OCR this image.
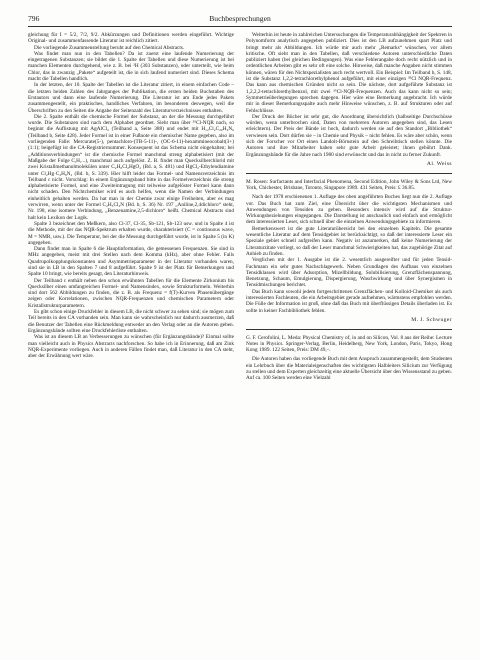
796	Buchbesprechungen

gleichung für I = 5/2, 7/2, 9/2. Abkürzungen und Definitionen werden eingeführt. Wichtige Original- und zusammenfassende Literatur ist reichlich zitiert.

Die vorliegende Zusammenstellung beruht auf den Chemical Abstracts.

Was findet man nun in den Tabellen? Da ist zuerst eine laufende Numerierung der eingetragenen Substanzen; sie bildet die 1. Spalte der Tabellen und diese Numerierung ist bei manchen Elementen durchgehend, wie z. B. bei ²H (303 Substanzen), oder unterteilt, wie beim Chlor, das in zwanzig „Pakete“ aufgeteilt ist, die in sich laufend numeriert sind. Dieses Schema macht die Tabellen handlich.

In der letzten, der 10. Spalte der Tabellen ist die Literatur zitiert, in einem einfachen Code – die letzten beiden Zahlen des Jahrganges der Publikation, die ersten beiden Buchstaben des Erstautors und dann eine laufende Numerierung. Die Literatur ist am Ende jedes Pakets zusammengestellt, ein praktisches, handliches Verfahren, im besonderen deswegen, weil die Überschriften zu den Seiten die Angabe der Seitenzahl des Literaturverzeichnisses enthalten.

Die 2. Spalte enthält die chemische Formel der Substanz, an der die Messung durchgeführt wurde. Die Substanzen sind nach dem Alphabet geordnet. Sieht man über ³⁵Cl-NQR nach, so beginnt die Auflistung mit AgAlCl₄ (Teilband a, Seite 388) und endet mit H₁₂Cl₂C₂₀H₄N₆ (Teilband b, Seite 428). Jeder Formel ist in einer Fußnote ein chemischer Name gegeben, also im vorliegenden Falle: Mercurate(5-), pentachloro-(TB-5-11)-, (OC-6-11)-hexammineocobalt(3+) (1:1); beigefügt ist die CA-Registriernummer. Konsequent ist das Schema nicht eingehalten; bei „Additionsverbindungen“ ist die chemische Formel manchmal streng alphabetisiert (mit der Maßgabe der Folge C,H,...), manchmal auch aufgelöst. Z. B. findet man Quecksilberchlorid mit zwei Kristallmethanolmolekülen unter C₂H₈Cl₂HgO₂ (Bd. a, S. 481) und HgCl₂-Ethylendiamine unter Cl₂Hg·C₂H₈N₂ (Bd. b, S. 339). Hier hilft leider das Formel- und Namensverzeichnis im Teilband c nicht. Vorschlag: In einem Ergänzungsband bitte in das Formelverzeichnis die streng alphabetisierte Formel, und eine Zweiteintragung mit teilweise aufgelöster Formel kann dann nicht schaden. Den Nichtchemiker wird es auch helfen, wenn die Namen der Verbindungen einheitlich gehalten werden. Da hat man in der Chemie zwar einige Freiheiten, aber es mag verwirren, wenn unter der Formel C₂H₃Cl₂N (Bd. b, S. 36) Nr. 197 „Aniline,2,4dichloro“ steht, Nr. 198, eine isomere Verbindung, „Benzenamine,2,5-dichloro“ heißt. Chemical Abstracts sind halt kein Lexikon der Logik.

Spalte 3 bezeichnet den Meßkern, also Cl-37, Cl-35, Sb-121, Sb-123 usw. und in Spalte 4 ist die Methode, mit der das NQR-Spektrum erhalten wurde, charakterisiert (C = continuous wave, M = NMR, usw.). Die Temperatur, bei der die Messung durchgeführt wurde, ist in Spalte 5 (in K) angegeben.

Dann findet man in Spalte 6 die Hauptinformation, die gemessenen Frequenzen. Sie sind in MHz angegeben, meist mit drei Stellen nach dem Komma (kHz), aber ohne Fehler. Falls Quadrupolkopplungskonstanten und Asymmetrieparameter in der Literatur vorhanden waren, sind sie in LB in den Spalten 7 und 8 aufgeführt. Spalte 9 ist der Platz für Bemerkungen und Spalte 10 bringt, wie bereits gesagt, den Literaturhinweis.

Der Teilband c enthält neben den schon erwähnten Tabellen für die Elemente Zirkonium bis Quecksilber einen umfangreichen Formel- und Namensindex, sowie Strukturformeln. Weiterhin sind dort 562 Abbildungen zu finden, die z. B. als Frequenz = f(T)-Kurven Phasenübergänge zeigen oder Korrelationen, zwischen NQR-Frequenzen und chemischen Parametern oder Kristallstrukturparametern.

Es gibt schon einige Druckfehler in diesem LB, die nicht schwer zu sehen sind; sie mögen zum Teil bereits in den CA vorhanden sein. Man kann sie wahrscheinlich nur dadurch ausmerzen, daß die Benutzer der Tabellen eine Rückmeldung entweder an den Verlag oder an die Autoren geben. Ergänzungsbände sollten eine Druckfehlerliste enthalten.

Was ist an diesem LB an Verbesserungen zu wünschen (für Ergänzungsbände)? Einmal sollte man vielleicht auch in Physics Abstracts nachforschen. So habe ich in Erinnerung, daß am Zink NQR-Experimente vorliegen. Auch in anderen Fällen findet man, daß Literatur in den CA steht, aber der Erwähnung wert wäre.

Weiterhin ist heute in zahlreichen Untersuchungen die Temperaturabhängigkeit der Spektren in Polynomform analytisch angegeben publiziert. Dies ist den LB aufzunehmen spart Platz und bringt mehr als Abbildungen. Ich würde mir auch mehr „Remarks“ wünschen, vor allem kritische. Oft sieht man in den Tabellen, daß verschiedene Autoren unterschiedliche Daten publiziert haben (bei gleichen Bedingungen). Was eine Fehlerangabe doch recht nützlich und in ordentlichen Arbeiten gibt es sehr oft eine solche. Hinweise, daß manche Angaben nicht stimmen können, wären für den Nichtspezialisten auch recht wertvoll. Ein Beispiel: Im Teilband b, S. 148, ist die Substanz 1,2,2-tetrachlorethylphenol aufgeführt, mit einer einzigen ³⁵Cl NQR-Frequenz. Das kann aus chemischen Gründen nicht so sein. Die nächste, dort aufgeführte Substanz ist 1,2,2,2-tetrachlorethylbenzol, mit zwei ³⁵Cl-NQR-Frequenzen. Auch das kann nicht so sein; Symmetrieüberlegungen sprechen dagegen. Hier wäre eine Bemerkung angebracht. Ich würde mir in dieser Bemerkungsspalte auch mehr Hinweise wünschen, z. B. auf Strukturen oder auf Fehlschlüsse.

Der Druck der Bücher ist sehr gut, die Anordnung übersichtlich (halbseitige Durchschüsse würden, wenn unterbrochen sind, Daten von mehreren Autoren angegeben sind, das Lesen erleichtern). Der Preis der Bände ist hoch, dadurch werden sie auf den Standort „Bibliothek“ verwiesen sein. Dort dürfen sie – in Chemie und Physik – nicht fehlen. Es wäre aber schön, wenn sich der Forscher vor Ort einen Landolt-Börnstein auf den Schreibtisch stellen könnte. Die Autoren und ihre Mitarbeiter haben sehr gute Arbeit geleistet; ihnen gebührt Dank. Ergänzungsbände für die Jahre nach 1980 sind erwünscht und das in nicht zu ferner Zukunft.

Al. Weiss

M. Rosen: Surfactants and Interfacial Phenomena, Second Edition, John Wiley & Sons Ltd, New York, Chichester, Brisbane, Toronto, Singapore 1989. 431 Seiten, Preis: £ 36.85.

Nach der 1978 erschienenen 1. Auflage des oben angeführten Buches liegt nun die 2. Auflage vor. Das Buch hat zum Ziel, eine Übersicht über die wichtigsten Mechanismen und Anwendungen von Tensiden zu geben. Besonders intensiv wird auf die Struktur-Wirkungsbeziehungen eingegangen. Die Darstellung ist anschaulich und einfach und ermöglicht dem interessierten Leser, sich schnell über die einzelnen Anwendungsgebiete zu informieren.

Bemerkenswert ist die gute Literaturübersicht bei den einzelnen Kapiteln. Die gesamte wesentliche Literatur auf dem Tensidgebiet ist berücksichtigt, so daß der interessierte Leser ein Speziale gebiet schnell aufgreifen kann. Negativ ist anzumerken, daß keine Numerierung der Literaturzitate vorliegt, so daß der Leser manchmal Schwierigkeiten hat, das zugehörige Zitat auf Anhieb zu finden.

Verglichen mit der 1. Ausgabe ist die 2. wesentlich ausgereifter und für jeden Tensid-Fachmann ein sehr gutes Nachschlagewerk. Neben Grundlagen des Aufbaus von einzelnen Tensidklassen wird über Adsorption, Mizellbildung, Solubilisierung, Grenzflächenspannung, Benetzung, Schaum, Emulgierung, Dispergierung, Waschwirkung und über Synergismen in Tensidmischungen berichtet.

Das Buch kann sowohl jedem fortgeschrittenen Grenzflächen- und Kolloid-Chemiker als auch interessierten Fachleuten, die ein Arbeitsgebiet gerade aufnehmen, wärmstens empfohlen werden. Die Fülle der Information ist groß, ohne daß das Buch mit überflüssigen Details überladen ist. Es sollte in keiner Fachbibliothek fehlen.

M. J. Schwuger

G. F. Cerofolini, L. Meda: Physical Chemistry of, in and on Silicon, Vol. 8 aus der Reihe: Lecture Notes in Physics. Springer-Verlag, Berlin, Heidelberg, New York, London, Paris, Tokyo, Hong Kong 1989. 122 Seiten, Preis: DM 49,–.

Die Autoren haben das vorliegende Buch mit dem Anspruch zusammengestellt, dem Studenten ein Lehrbuch über die Materialeigenschaften des wichtigsten Halbleiters Silicium zur Verfügung zu stellen und dem Experten gleichzeitig eine aktuelle Übersicht über den Wissensstand zu geben. Auf ca. 100 Seiten werden eine Vielzahl
